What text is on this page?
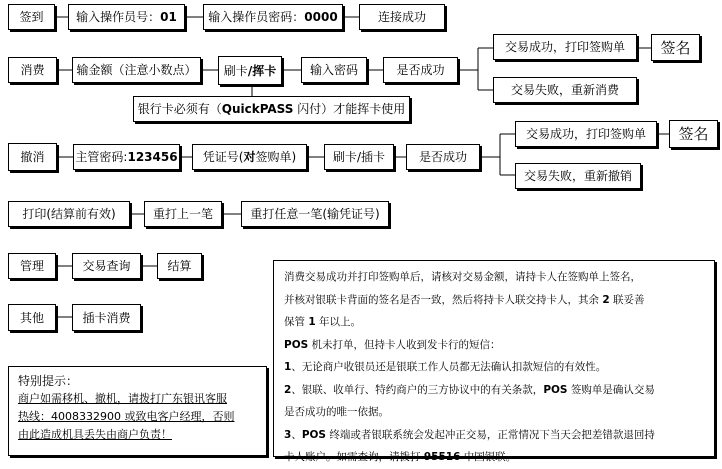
签到	输入操作员号： 01	输入操作员密码： 0000	连接成功
消费	输金额（注意小数点） 刷卡/挥卡	输入密码	是否成功
交易成功，打印签购单 签名
交易失败，重新消费
银行卡必须有（QuickPASS 闪付）才能挥卡使用
撤消	主管密码: 123456 凭证号(对签购单)	刷卡/插卡	是否成功
交易成功，打印签购单 签名
交易失败，重新撤销
打印(结算前有效)	重打上一笔	重打任意一笔(输凭证号)
管理	交易查询	结算
其他	插卡消费

特别提示：

商户如需移机、撤机，请拨打广东银讯客服

热线：4008332900 或致电客户经理，否则

由此造成机具丢失由商户负责！

消费交易成功并打印签购单后，请核对交易金额，请持卡人在签购单上签名，

并核对银联卡背面的签名是否一致，然后将持卡人联交持卡人，其余 2 联妥善

保管 1 年以上。

POS 机未打单，但持卡人收到发卡行的短信：

1、无论商户收银员还是银联工作人员都无法确认扣款短信的有效性。

2、银联、收单行、特约商户的三方协议中的有关条款，POS 签购单是确认交易

是否成功的唯一依据。

3、POS 终端或者银联系统会发起冲正交易，正常情况下当天会把差错款退回持

卡人账户。如需查询，请拨打 95516 中国银联。
